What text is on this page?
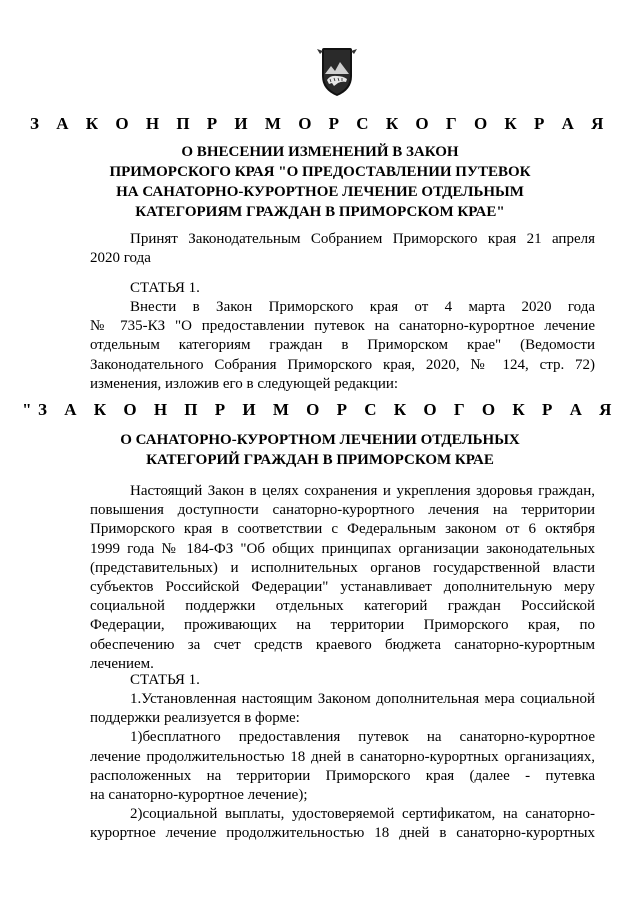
З А К О Н П Р И М О Р С К О Г О К Р А Я
О ВНЕСЕНИИ ИЗМЕНЕНИЙ В ЗАКОН
ПРИМОРСКОГО КРАЯ "О ПРЕДОСТАВЛЕНИИ ПУТЕВОК
НА САНАТОРНО-КУРОРТНОЕ ЛЕЧЕНИЕ ОТДЕЛЬНЫМ
КАТЕГОРИЯМ ГРАЖДАН В ПРИМОРСКОМ КРАЕ"
Принят Законодательным Собранием Приморского края 21 апреля
2020 года
СТАТЬЯ 1.
Внести в Закон Приморского края от 4 марта 2020 года
№ 735-КЗ "О предоставлении путевок на санаторно-курортное лечение
отдельным категориям граждан в Приморском крае" (Ведомости
Законодательного Собрания Приморского края, 2020, № 124, стр. 72)
изменения, изложив его в следующей редакции:
"З А К О Н П Р И М О Р С К О Г О К Р А Я
О САНАТОРНО-КУРОРТНОМ ЛЕЧЕНИИ ОТДЕЛЬНЫХ
КАТЕГОРИЙ ГРАЖДАН В ПРИМОРСКОМ КРАЕ
Настоящий Закон в целях сохранения и укрепления здоровья граждан,
повышения доступности санаторно-курортного лечения на территории
Приморского края в соответствии с Федеральным законом от 6 октября
1999 года № 184-ФЗ "Об общих принципах организации законодательных
(представительных) и исполнительных органов государственной власти
субъектов Российской Федерации" устанавливает дополнительную меру
социальной поддержки отдельных категорий граждан Российской
Федерации, проживающих на территории Приморского края, по
обеспечению за счет средств краевого бюджета санаторно-курортным
лечением.
СТАТЬЯ 1.
1.Установленная настоящим Законом дополнительная мера социальной
поддержки реализуется в форме:
1)бесплатного предоставления путевок на санаторно-курортное
лечение продолжительностью 18 дней в санаторно-курортных организациях,
расположенных на территории Приморского края (далее - путевка
на санаторно-курортное лечение);
2)социальной выплаты, удостоверяемой сертификатом, на санаторно-
курортное лечение продолжительностью 18 дней в санаторно-курортных
